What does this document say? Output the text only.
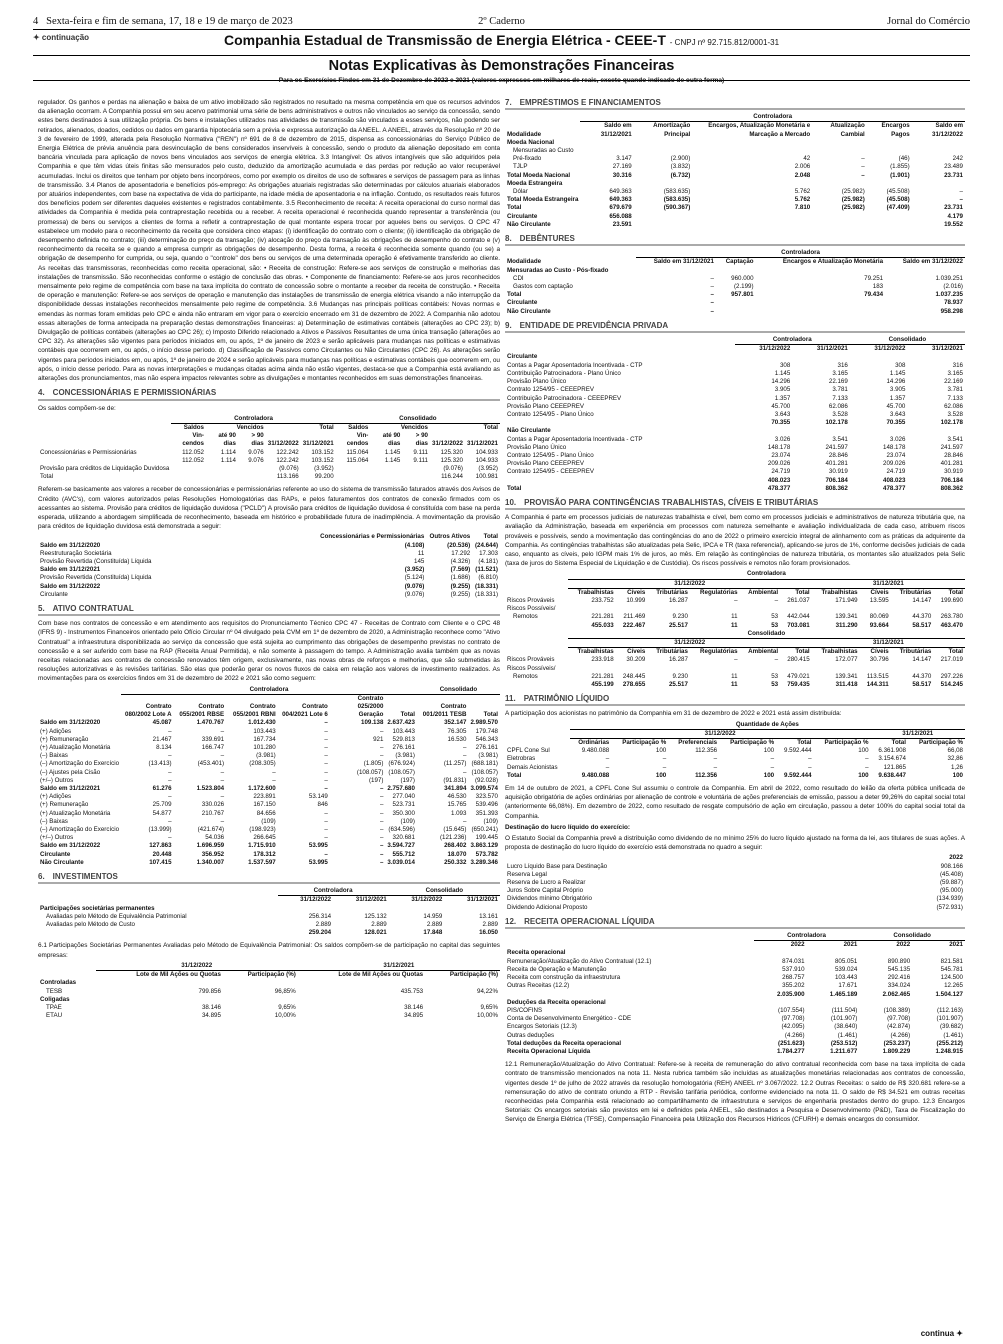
4 Sexta-feira e fim de semana, 17, 18 e 19 de março de 2023	2º Caderno	Jornal do Comércio
✦ continuação	Companhia Estadual de Transmissão de Energia Elétrica - CEEE-T - CNPJ nº 92.715.812/0001-31
Notas Explicativas às Demonstrações Financeiras
Para os Exercícios Findos em 31 de Dezembro de 2022 e 2021 (valores expressos em milhares de reais, exceto quando indicado de outra forma)

regulador. Os ganhos e perdas na alienação e baixa de um ativo imobilizado são registrados no resultado na mesma competência em que os recursos advindos da alienação ocorram. A Companhia possui em seu acervo patrimonial uma série de bens administrativos e outros não vinculados ao serviço da concessão, sendo estes bens destinados à sua utilização própria. Os bens e instalações utilizados nas atividades de transmissão são vinculados a esses serviços, não podendo ser retirados, alienados, doados, cedidos ou dados em garantia hipotecária sem a prévia e expressa autorização da ANEEL. A ANEEL, através da Resolução nº 20 de 3 de fevereiro de 1999, alterada pela Resolução Normativa ("REN") nº 691 de 8 de dezembro de 2015, dispensa as concessionárias do Serviço Público de Energia Elétrica de prévia anuência para desvinculação de bens considerados inservíveis à concessão, sendo o produto da alienação depositado em conta bancária vinculada para aplicação de novos bens vinculados aos serviços de energia elétrica. 3.3 Intangível: Os ativos intangíveis que são adquiridos pela Companhia e que têm vidas úteis finitas são mensurados pelo custo, deduzido da amortização acumulada e das perdas por redução ao valor recuperável acumuladas. Inclui os direitos que tenham por objeto bens incorpóreos, como por exemplo os direitos de uso de softwares e serviços de passagem para as linhas de transmissão. 3.4 Planos de aposentadoria e benefícios pós-emprego: As obrigações atuariais registradas são determinadas por cálculos atuariais elaborados por atuários independentes, com base na expectativa de vida do participante, na idade média de aposentadoria e na inflação. Contudo, os resultados reais futuros dos benefícios podem ser diferentes daqueles existentes e registrados contabilmente. 3.5 Reconhecimento de receita: A receita operacional do curso normal das atividades da Companhia é medida pela contraprestação recebida ou a receber. A receita operacional é reconhecida quando representar a transferência (ou promessa) de bens ou serviços a clientes de forma a refletir a contraprestação de qual montante espera trocar por aqueles bens ou serviços. O CPC 47 estabelece um modelo para o reconhecimento da receita que considera cinco etapas: (i) identificação do contrato com o cliente; (ii) identificação da obrigação de desempenho definida no contrato; (iii) determinação do preço da transação; (iv) alocação do preço da transação às obrigações de desempenho do contrato e (v) reconhecimento da receita se e quando a empresa cumprir as obrigações de desempenho. Desta forma, a receita é reconhecida somente quando (ou se) a obrigação de desempenho for cumprida, ou seja, quando o "controle" dos bens ou serviços de uma determinada operação é efetivamente transferido ao cliente. As receitas das transmissoras, reconhecidas como receita operacional, são: • Receita de construção: Refere-se aos serviços de construção e melhorias das instalações de transmissão. São reconhecidas conforme o estágio de conclusão das obras. • Componente de financiamento: Refere-se aos juros reconhecidos mensalmente pelo regime de competência com base na taxa implícita do contrato de concessão sobre o montante a receber da receita de construção. • Receita de operação e manutenção: Refere-se aos serviços de operação e manutenção das instalações de transmissão de energia elétrica visando a não interrupção da disponibilidade dessas instalações reconhecidos mensalmente pelo regime de competência. 3.6 Mudanças nas principais políticas contábeis: Novas normas e emendas às normas foram emitidas pelo CPC e ainda não entraram em vigor para o exercício encerrado em 31 de dezembro de 2022. A Companhia não adotou essas alterações de forma antecipada na preparação destas demonstrações financeiras: a) Determinação de estimativas contábeis (alterações ao CPC 23); b) Divulgação de políticas contábeis (alterações ao CPC 26); c) Imposto Diferido relacionado a Ativos e Passivos Resultantes de uma única transação (alterações ao CPC 32). As alterações são vigentes para períodos iniciados em, ou após, 1º de janeiro de 2023 e serão aplicáveis para mudanças nas políticas e estimativas contábeis que ocorrerem em, ou após, o início desse período. d) Classificação de Passivos como Circulantes ou Não Circulantes (CPC 26). As alterações serão vigentes para períodos iniciados em, ou após, 1º de janeiro de 2024 e serão aplicáveis para mudanças nas políticas e estimativas contábeis que ocorrerem em, ou após, o início desse período. Para as novas interpretações e mudanças citadas acima ainda não estão vigentes, destaca-se que a Companhia está avaliando as alterações dos pronunciamentos, mas não espera impactos relevantes sobre as divulgações e montantes reconhecidos em suas demonstrações financeiras.

4. CONCESSIONÁRIAS E PERMISSIONÁRIAS

Os saldos compõem-se de:

	Controladora					Consolidado				
	Saldos	Vencidos		Total		Saldos	Vencidos		Total	
	Vin-cendos	até 90 dias	> 90 dias	31/12/2022	31/12/2021	Vin-cendos	até 90 dias	> 90 dias	31/12/2022	31/12/2021
Concessionárias e Permissionárias	112.052	1.114	9.076	122.242	103.152	115.064	1.145	9.111	125.320	104.933
	112.052	1.114	9.076	122.242	103.152	115.064	1.145	9.111	125.320	104.933
Provisão para créditos de Liquidação Duvidosa				(9.076)	(3.952)				(9.076)	(3.952)
Total				113.166	99.200				116.244	100.981

Referem-se basicamente aos valores a receber de concessionárias e permissionárias referente ao uso do sistema de transmissão faturados através dos Avisos de Crédito (AVC's), com valores autorizados pelas Resoluções Homologatórias das RAPs, e pelos faturamentos dos contratos de conexão firmados com os acessantes ao sistema. Provisão para créditos de liquidação duvidosa ("PCLD") A provisão para créditos de liquidação duvidosa é constituída com base na perda esperada, utilizando a abordagem simplificada de reconhecimento, baseada em histórico e probabilidade futura de inadimplência. A movimentação da provisão para créditos de liquidação duvidosa está demonstrada a seguir:

	Concessionárias e Permissionárias	Outros Ativos	Total
Saldo em 31/12/2020	(4.108)	(20.536)	(24.644)
Reestruturação Societária	11	17.292	17.303
Provisão Revertida (Constituída) Líquida	145	(4.326)	(4.181)
Saldo em 31/12/2021	(3.952)	(7.569)	(11.521)
Provisão Revertida (Constituída) Líquida	(5.124)	(1.686)	(6.810)
Saldo em 31/12/2022	(9.076)	(9.255)	(18.331)
Circulante	(9.076)	(9.255)	(18.331)
5. ATIVO CONTRATUAL

Com base nos contratos de concessão e em atendimento aos requisitos do Pronunciamento Técnico CPC 47 - Receitas de Contrato com Cliente e o CPC 48 (IFRS 9) - Instrumentos Financeiros orientado pelo Ofício Circular nº 04 divulgado pela CVM em 1º de dezembro de 2020, a Administração reconhece como "Ativo Contratual" a infraestrutura disponibilizada ao serviço da concessão que está sujeita ao cumprimento das obrigações de desempenho previstas no contrato de concessão e a ser auferido com base na RAP (Receita Anual Permitida), e não somente à passagem do tempo. A Administração avalia também que as novas receitas relacionadas aos contratos de concessão renovados têm origem, exclusivamente, nas novas obras de reforços e melhorias, que são submetidas às resoluções autorizativas e às revisões tarifárias. São elas que poderão gerar os novos fluxos de caixa em relação aos valores de investimento realizados. As movimentações para os exercícios findos em 31 de dezembro de 2022 e 2021 são como seguem:

	Controladora						Consolidado	
	Contrato 080/2002 Lote A	Contrato 055/2001 RBSE	Contrato 055/2001 RBNI	Contrato 004/2021 Lote 6	Contrato 025/2000 Geração	Total	Contrato 001/2011 TESB	Total
Saldo em 31/12/2020	45.087	1.470.767	1.012.430	–	109.138	2.637.423	352.147	2.989.570
(+) Adições	–	–	103.443	–	–	103.443	76.305	179.748
(+) Remuneração	21.467	339.691	167.734	–	921	529.813	16.530	546.343
(+) Atualização Monetária	8.134	166.747	101.280	–	–	276.161	–	276.161
(–) Baixas	–	–	(3.981)	–	–	(3.981)	–	(3.981)
(–) Amortização do Exercício	(13.413)	(453.401)	(208.305)	–	(1.805)	(676.924)	(11.257)	(688.181)
(–) Ajustes pela Cisão	–	–	–	–	(108.057)	(108.057)	–	(108.057)
(+/–) Outros	–	–	–	–	(197)	(197)	(91.831)	(92.028)
Saldo em 31/12/2021	61.276	1.523.804	1.172.600	–	–	2.757.680	341.894	3.099.574
(+) Adições	–	–	223.891	53.149	–	277.040	46.530	323.570
(+) Remuneração	25.709	330.026	167.150	846	–	523.731	15.765	539.496
(+) Atualização Monetária	54.877	210.767	84.656	–	–	350.300	1.093	351.393
(–) Baixas	–	–	(109)	–	–	(109)	–	(109)
(–) Amortização do Exercício	(13.999)	(421.674)	(198.923)	–	–	(634.596)	(15.645)	(650.241)
(+/–) Outros	–	54.036	266.645	–	–	320.681	(121.236)	199.445
Saldo em 31/12/2022	127.863	1.696.959	1.715.910	53.995	–	3.594.727	268.402	3.863.129
Circulante	20.448	356.952	178.312	–	–	555.712	18.070	573.782
Não Circulante	107.415	1.340.007	1.537.597	53.995	–	3.039.014	250.332	3.289.346
6. INVESTIMENTOS
	Controladora		Consolidado	
	31/12/2022	31/12/2021	31/12/2022	31/12/2021
Participações societárias permanentes				
Avaliadas pelo Método de Equivalência Patrimonial	256.314	125.132	14.959	13.161
Avaliadas pelo Método de Custo	2.889	2.889	2.889	2.889
	259.204	128.021	17.848	16.050

6.1 Participações Societárias Permanentes Avaliadas pelo Método de Equivalência Patrimonial: Os saldos compõem-se de participação no capital das seguintes empresas:

	31/12/2022		31/12/2021	
	Lote de Mil Ações ou Quotas	Participação (%)	Lote de Mil Ações ou Quotas	Participação (%)
Controladas				
TESB	799.856	96,85%	435.753	94,22%
Coligadas				
TPAE	38.146	9,65%	38.146	9,65%
ETAU	34.895	10,00%	34.895	10,00%
7. EMPRÉSTIMOS E FINANCIAMENTOS
	Controladora					
Modalidade	Saldo em 31/12/2021	Amortização Principal	Encargos, Atualização Monetária e Marcação a Mercado	Atualização Cambial	Encargos Pagos	Saldo em 31/12/2022
Moeda Nacional						
Mensuradas ao Custo						
Pré-fixado	3.147	(2.900)	42	–	(46)	242
TJLP	27.169	(3.832)	2.006	–	(1.855)	23.489
Total Moeda Nacional	30.316	(6.732)	2.048	–	(1.901)	23.731
Moeda Estrangeira						
Dólar	649.363	(583.635)	5.762	(25.982)	(45.508)	–
Total Moeda Estrangeira	649.363	(583.635)	5.762	(25.982)	(45.508)	–
Total	679.679	(590.367)	7.810	(25.982)	(47.409)	23.731
Circulante	656.088					4.179
Não Circulante	23.591					19.552
8. DEBÊNTURES
	Controladora			
Modalidade	Saldo em 31/12/2021	Captação	Encargos e Atualização Monetária	Saldo em 31/12/2022
Mensuradas ao Custo - Pós-fixado				
CDI	–	960.000	79.251	1.039.251
Gastos com captação	–	(2.199)	183	(2.016)
Total	–	957.801	79.434	1.037.235
Circulante	–			78.937
Não Circulante	–			958.298
9. ENTIDADE DE PREVIDÊNCIA PRIVADA
	Controladora		Consolidado	
	31/12/2022	31/12/2021	31/12/2022	31/12/2021
Circulante				
Contas a Pagar Aposentadoria Incentivada - CTP	308	316	308	316
Contribuição Patrocinadora - Plano Único	1.145	3.165	1.145	3.165
Provisão Plano Único	14.296	22.169	14.296	22.169
Contrato 1254/95 - CEEEPREV	3.905	3.781	3.905	3.781
Contribuição Patrocinadora - CEEEPREV	1.357	7.133	1.357	7.133
Provisão Plano CEEEPREV	45.700	62.086	45.700	62.086
Contrato 1254/95 - Plano Único	3.643	3.528	3.643	3.528
	70.355	102.178	70.355	102.178
Não Circulante				
Contas a Pagar Aposentadoria Incentivada - CTP	3.026	3.541	3.026	3.541
Provisão Plano Único	148.178	241.597	148.178	241.597
Contrato 1254/95 - Plano Único	23.074	28.846	23.074	28.846
Provisão Plano CEEEPREV	209.026	401.281	209.026	401.281
Contrato 1254/95 - CEEEPREV	24.719	30.919	24.719	30.919
	408.023	706.184	408.023	706.184
Total	478.377	808.362	478.377	808.362
10. PROVISÃO PARA CONTINGÊNCIAS TRABALHISTAS, CÍVEIS E TRIBUTÁRIAS

A Companhia é parte em processos judiciais de naturezas trabalhista e cível, bem como em processos judiciais e administrativos de natureza tributária que, na avaliação da Administração, baseada em experiência em processos com natureza semelhante e avaliação individualizada de cada caso, atribuem riscos prováveis e possíveis, sendo a movimentação das contingências do ano de 2022 o primeiro exercício integral de alinhamento com as práticas da adquirente da Companhia. As contingências trabalhistas são atualizadas pela Selic, IPCA e TR (taxa referencial), aplicando-se juros de 1%, conforme decisões judiciais de cada caso, enquanto as cíveis, pelo IGPM mais 1% de juros, ao mês. Em relação às contingências de natureza tributária, os montantes são atualizados pela Selic (taxa de juros do Sistema Especial de Liquidação e de Custódia). Os riscos possíveis e remotos não foram provisionados.

	Controladora									
	31/12/2022						31/12/2021			
	Trabalhistas	Cíveis	Tributárias	Regulatórias	Ambiental	Total	Trabalhistas	Cíveis	Tributárias	Total
Riscos Prováveis	233.752	10.999	16.287	–	–	261.037	171.949	13.595	14.147	199.690
Riscos Possíveis/										
Remotos	221.281	211.469	9.230	11	53	442.044	139.341	80.069	44.370	263.780
	455.033	222.467	25.517	11	53	703.081	311.290	93.664	58.517	463.470
	Consolidado									
	31/12/2022						31/12/2021			
	Trabalhistas	Cíveis	Tributárias	Regulatórias	Ambiental	Total	Trabalhistas	Cíveis	Tributárias	Total
Riscos Prováveis	233.918	30.209	16.287	–	–	280.415	172.077	30.796	14.147	217.019
Riscos Possíveis/										
Remotos	221.281	248.445	9.230	11	53	479.021	139.341	113.515	44.370	297.226
	455.199	278.655	25.517	11	53	759.435	311.418	144.311	58.517	514.245
11. PATRIMÔNIO LÍQUIDO

A participação dos acionistas no patrimônio da Companhia em 31 de dezembro de 2022 e 2021 está assim distribuída:

	Quantidade de Ações							
	31/12/2022						31/12/2021	
	Ordinárias	Participação %	Preferenciais	Participação %	Total	Participação %	Total	Participação %
CPFL Cone Sul	9.480.088	100	112.356	100	9.592.444	100	6.361.908	66,08
Eletrobras	–	–	–	–	–	–	3.154.674	32,86
Demais Acionistas	–	–	–	–	–	–	121.865	1,26
Total	9.480.088	100	112.356	100	9.592.444	100	9.638.447	100

Em 14 de outubro de 2021, a CPFL Cone Sul assumiu o controle da Companhia. Em abril de 2022, como resultado do leilão da oferta pública unificada de aquisição obrigatória de ações ordinárias por alienação de controle e voluntária de ações preferenciais de emissão, passou a deter 99,26% do capital social total (anteriormente 66,08%). Em dezembro de 2022, como resultado de resgate compulsório de ação em circulação, passou a deter 100% do capital social total da Companhia.

Destinação do lucro líquido do exercício:

O Estatuto Social da Companhia prevê a distribuição como dividendo de no mínimo 25% do lucro líquido ajustado na forma da lei, aos titulares de suas ações. A proposta de destinação do lucro líquido do exercício está demonstrada no quadro a seguir:

	2022
Lucro Líquido Base para Destinação	908.166
Reserva Legal	(45.408)
Reserva de Lucro a Realizar	(59.887)
Juros Sobre Capital Próprio	(95.000)
Dividendos mínimo Obrigatório	(134.939)
Dividendo Adicional Proposto	(572.931)
12. RECEITA OPERACIONAL LÍQUIDA
	Controladora		Consolidado	
	2022	2021	2022	2021
Receita operacional				
Remuneração/Atualização do Ativo Contratual (12.1)	874.031	805.051	890.890	821.581
Receita de Operação e Manutenção	537.910	539.024	545.135	545.781
Receita com construção da infraestrutura	268.757	103.443	292.416	124.500
Outras Receitas (12.2)	355.202	17.671	334.024	12.265
	2.035.900	1.465.189	2.062.465	1.504.127
Deduções da Receita operacional				
PIS/COFINS	(107.554)	(111.504)	(108.389)	(112.163)
Conta de Desenvolvimento Energético - CDE	(97.708)	(101.907)	(97.708)	(101.907)
Encargos Setoriais (12.3)	(42.095)	(38.640)	(42.874)	(39.682)
Outras deduções	(4.266)	(1.461)	(4.266)	(1.461)
Total deduções da Receita operacional	(251.623)	(253.512)	(253.237)	(255.212)
Receita Operacional Líquida	1.784.277	1.211.677	1.809.229	1.248.915

12.1 Remuneração/Atualização do Ativo Contratual: Refere-se à receita de remuneração do ativo contratual reconhecida com base na taxa implícita de cada contrato de transmissão mencionados na nota 11. Nesta rubrica também são incluídas as atualizações monetárias relacionadas aos contratos de concessão, vigentes desde 1º de julho de 2022 através da resolução homologatória (REH) ANEEL nº 3.067/2022. 12.2 Outras Receitas: o saldo de R$ 320.681 refere-se a remensuração do ativo de contrato oriundo a RTP - Revisão tarifária periódica, conforme evidenciado na nota 11. O saldo de R$ 34.521 em outras receitas reconhecidas pela Companhia está relacionado ao compartilhamento de infraestrutura e serviços de engenharia prestados dentro do grupo. 12.3 Encargos Setoriais: Os encargos setoriais são previstos em lei e definidos pela ANEEL, são destinados a Pesquisa e Desenvolvimento (P&D), Taxa de Fiscalização do Serviço de Energia Elétrica (TFSE), Compensação Financeira pela Utilização dos Recursos Hídricos (CFURH) e demais encargos do consumidor.

continua ✦
